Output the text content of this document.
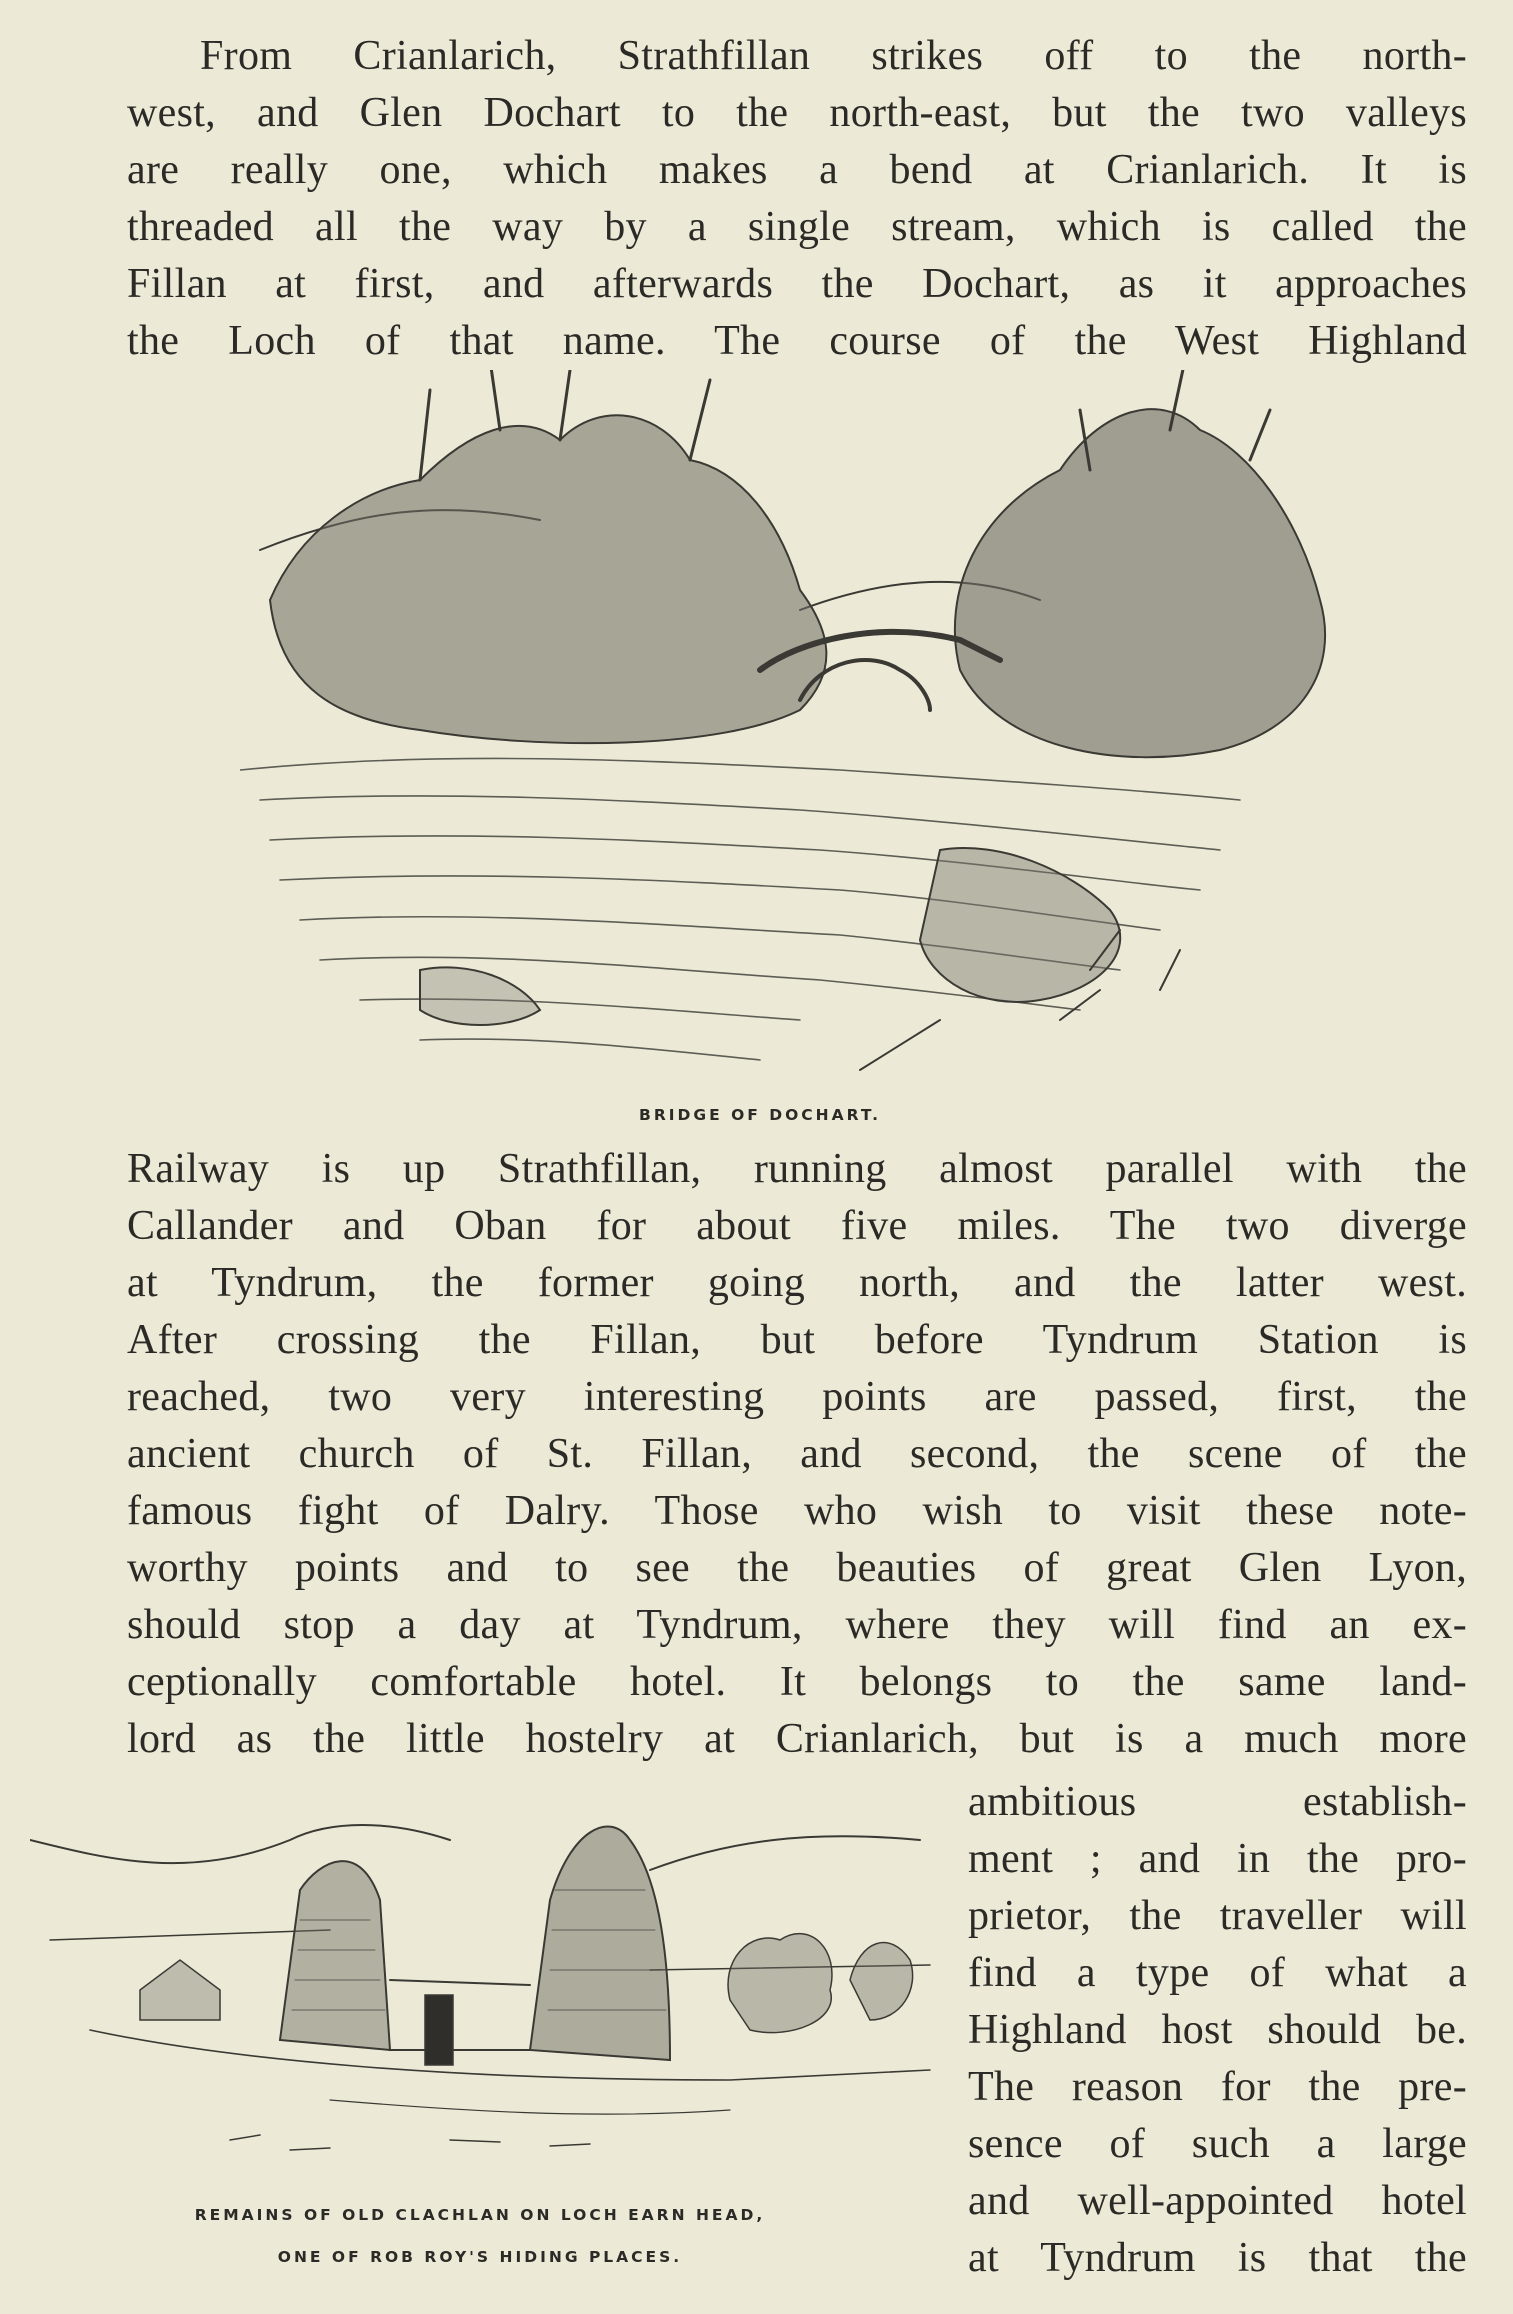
From Crianlarich, Strathfillan strikes off to the north-
west, and Glen Dochart to the north-east, but the two valleys
are really one, which makes a bend at Crianlarich. It is
threaded all the way by a single stream, which is called the
Fillan at first, and afterwards the Dochart, as it approaches
the Loch of that name. The course of the West Highland
BRIDGE OF DOCHART.
Railway is up Strathfillan, running almost parallel with the
Callander and Oban for about five miles. The two diverge
at Tyndrum, the former going north, and the latter west.
After crossing the Fillan, but before Tyndrum Station is
reached, two very interesting points are passed, first, the
ancient church of St. Fillan, and second, the scene of the
famous fight of Dalry. Those who wish to visit these note-
worthy points and to see the beauties of great Glen Lyon,
should stop a day at Tyndrum, where they will find an ex-
ceptionally comfortable hotel. It belongs to the same land-
lord as the little hostelry at Crianlarich, but is a much more
ambitious establish-
ment ; and in the pro-
prietor, the traveller will
find a type of what a
Highland host should be.
The reason for the pre-
sence of such a large
and well-appointed hotel
at Tyndrum is that the
REMAINS OF OLD CLACHLAN ON LOCH EARN HEAD,
ONE OF ROB ROY'S HIDING PLACES.
